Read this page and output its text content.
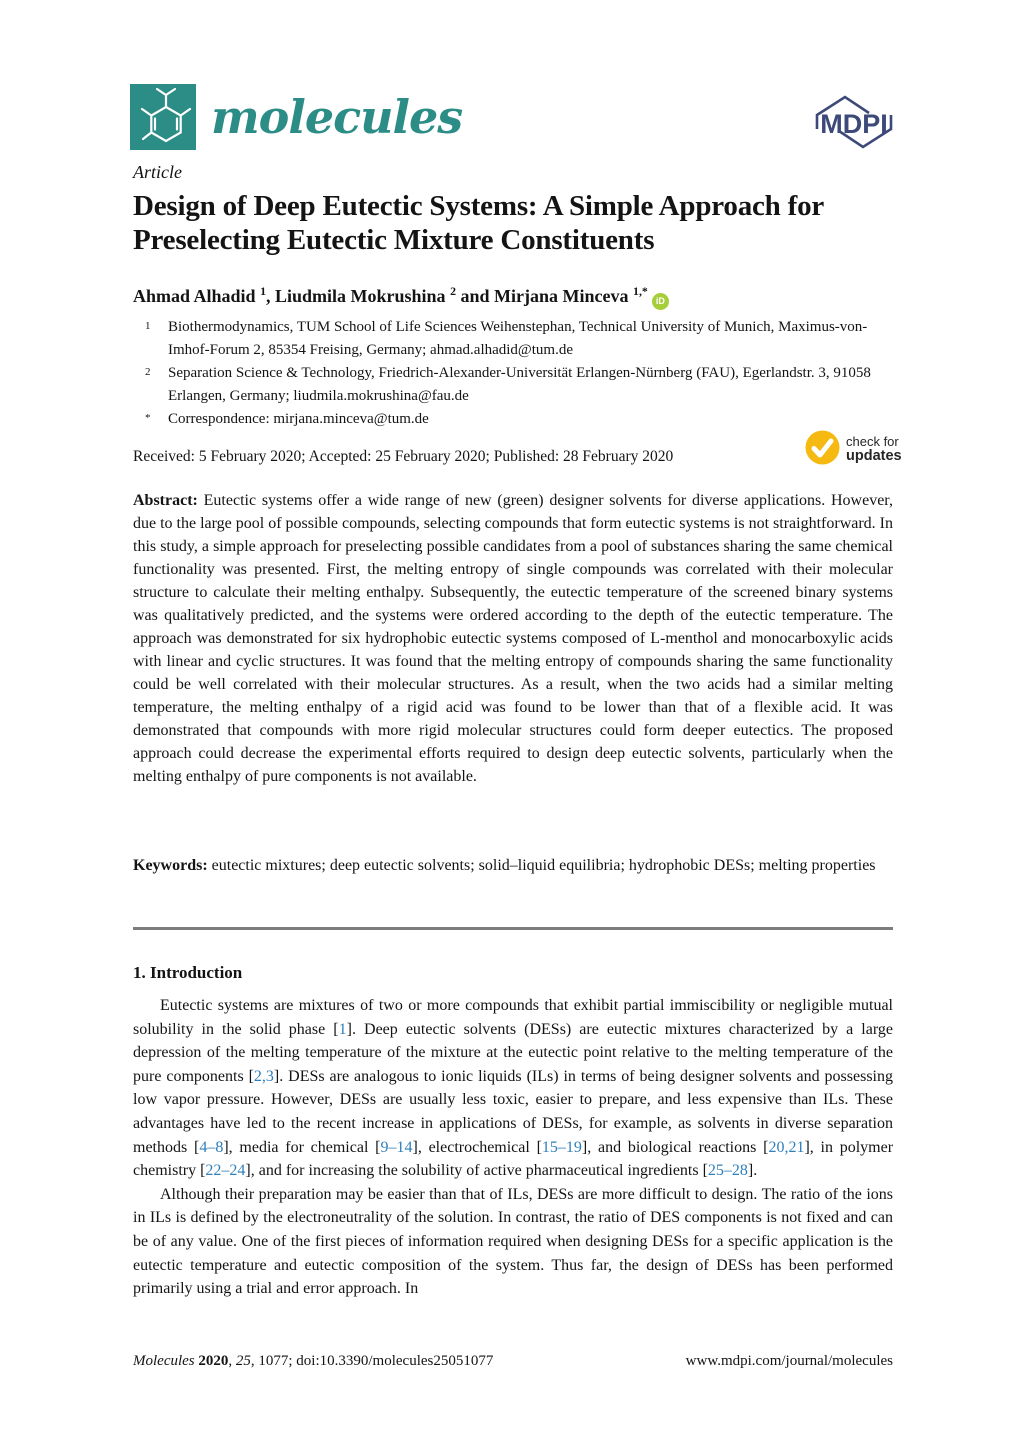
molecules	MDPI
Article
Design of Deep Eutectic Systems: A Simple Approach for Preselecting Eutectic Mixture Constituents
Ahmad Alhadid $^1$, Liudmila Mokrushina $^2$ and Mirjana Minceva $^{1,*}$iD
1	Biothermodynamics, TUM School of Life Sciences Weihenstephan, Technical University of Munich, Maximus-von-Imhof-Forum 2, 85354 Freising, Germany; ahmad.alhadid@tum.de
2	Separation Science & Technology, Friedrich-Alexander-Universität Erlangen-Nürnberg (FAU), Egerlandstr. 3, 91058 Erlangen, Germany; liudmila.mokrushina@fau.de
*	Correspondence: mirjana.minceva@tum.de
Received: 5 February 2020; Accepted: 25 February 2020; Published: 28 February 2020
check for
updates
Abstract: Eutectic systems offer a wide range of new (green) designer solvents for diverse applications. However, due to the large pool of possible compounds, selecting compounds that form eutectic systems is not straightforward. In this study, a simple approach for preselecting possible candidates from a pool of substances sharing the same chemical functionality was presented. First, the melting entropy of single compounds was correlated with their molecular structure to calculate their melting enthalpy. Subsequently, the eutectic temperature of the screened binary systems was qualitatively predicted, and the systems were ordered according to the depth of the eutectic temperature. The approach was demonstrated for six hydrophobic eutectic systems composed of L-menthol and monocarboxylic acids with linear and cyclic structures. It was found that the melting entropy of compounds sharing the same functionality could be well correlated with their molecular structures. As a result, when the two acids had a similar melting temperature, the melting enthalpy of a rigid acid was found to be lower than that of a flexible acid. It was demonstrated that compounds with more rigid molecular structures could form deeper eutectics. The proposed approach could decrease the experimental efforts required to design deep eutectic solvents, particularly when the melting enthalpy of pure components is not available.
Keywords: eutectic mixtures; deep eutectic solvents; solid–liquid equilibria; hydrophobic DESs; melting properties
1. Introduction

Eutectic systems are mixtures of two or more compounds that exhibit partial immiscibility or negligible mutual solubility in the solid phase [1]. Deep eutectic solvents (DESs) are eutectic mixtures characterized by a large depression of the melting temperature of the mixture at the eutectic point relative to the melting temperature of the pure components [2,3]. DESs are analogous to ionic liquids (ILs) in terms of being designer solvents and possessing low vapor pressure. However, DESs are usually less toxic, easier to prepare, and less expensive than ILs. These advantages have led to the recent increase in applications of DESs, for example, as solvents in diverse separation methods [4–8], media for chemical [9–14], electrochemical [15–19], and biological reactions [20,21], in polymer chemistry [22–24], and for increasing the solubility of active pharmaceutical ingredients [25–28].

Although their preparation may be easier than that of ILs, DESs are more difficult to design. The ratio of the ions in ILs is defined by the electroneutrality of the solution. In contrast, the ratio of DES components is not fixed and can be of any value. One of the first pieces of information required when designing DESs for a specific application is the eutectic temperature and eutectic composition of the system. Thus far, the design of DESs has been performed primarily using a trial and error approach. In

Molecules 2020, 25, 1077; doi:10.3390/molecules25051077	www.mdpi.com/journal/molecules
